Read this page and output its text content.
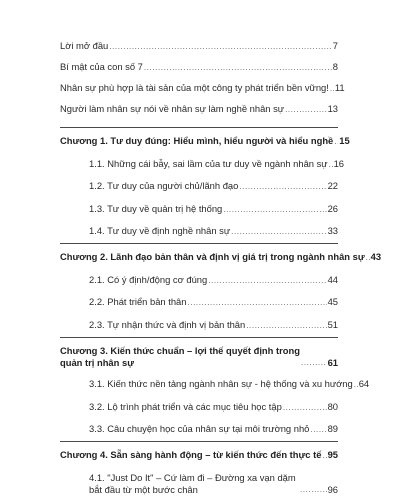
Lời mở đầu .....	7
Bí mật của con số 7 .....	8
Nhân sự phù hợp là tài sản của một công ty phát triển bền vững! ..... 11
Người làm nhân sự nói về nhân sự làm nghề nhân sự .....	13
Chương 1. Tư duy đúng: Hiểu mình, hiểu người và hiểu nghề ..... 15
1.1. Những cái bẫy, sai lầm của tư duy về ngành nhân sự ..... 16
1.2. Tư duy của người chủ/lãnh đạo .....	22
1.3. Tư duy về quản trị hệ thống .....	26
1.4. Tư duy về định nghề nhân sự .....	33
Chương 2. Lãnh đạo bản thân và định vị giá trị trong ngành nhân sự ..... 43
2.1. Có ý định/động cơ đúng .....	44
2.2. Phát triển bản thân .....	45
2.3. Tự nhận thức và định vị bản thân .....	51
Chương 3. Kiến thức chuẩn – lợi thế quyết định trong quản trị nhân sự .....	61
3.1. Kiến thức nền tảng ngành nhân sự - hệ thống và xu hướng ..... 64
3.2. Lộ trình phát triển và các mục tiêu học tập .....	80
3.3. Câu chuyện học của nhân sự tại môi trường nhỏ ..... 89
Chương 4. Sẵn sàng hành động – từ kiến thức đến thực tế ..... 95
4.1. "Just Do It" – Cứ làm đi – Đường xa vạn dặm bắt đầu từ một bước chân .....	96
